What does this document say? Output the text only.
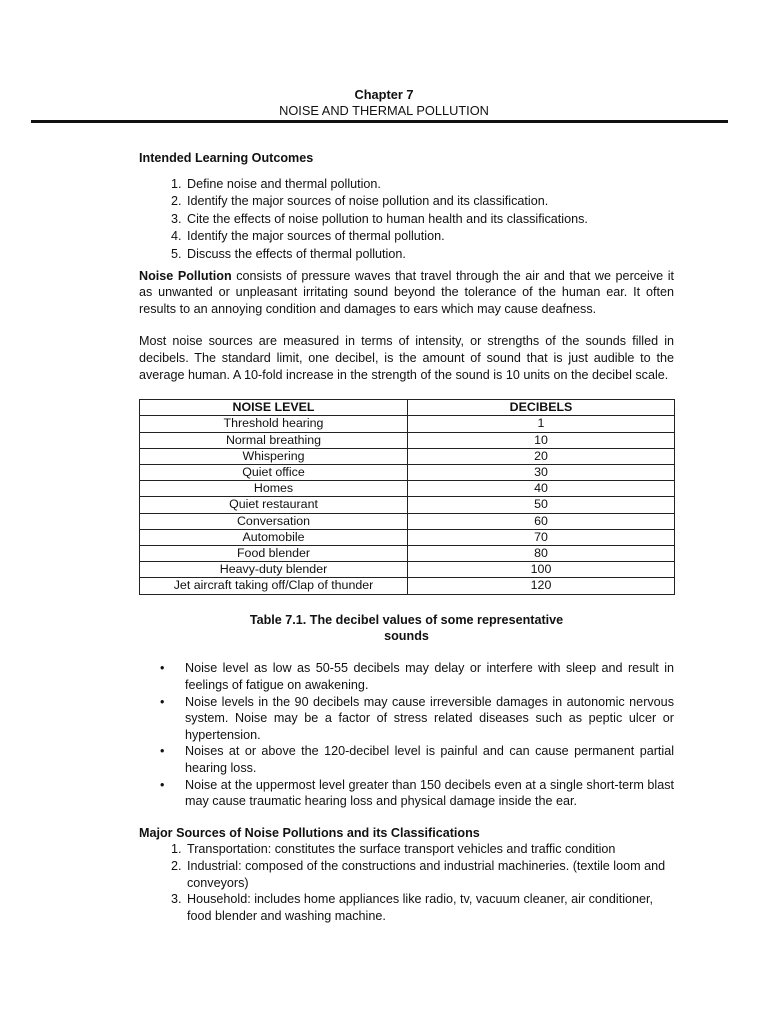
Chapter 7
NOISE AND THERMAL POLLUTION
Intended Learning Outcomes
1. Define noise and thermal pollution.
2. Identify the major sources of noise pollution and its classification.
3. Cite the effects of noise pollution to human health and its classifications.
4. Identify the major sources of thermal pollution.
5. Discuss the effects of thermal pollution.

Noise Pollution consists of pressure waves that travel through the air and that we perceive it as unwanted or unpleasant irritating sound beyond the tolerance of the human ear. It often results to an annoying condition and damages to ears which may cause deafness.

Most noise sources are measured in terms of intensity, or strengths of the sounds filled in decibels. The standard limit, one decibel, is the amount of sound that is just audible to the average human. A 10-fold increase in the strength of the sound is 10 units on the decibel scale.

NOISE LEVEL	DECIBELS
Threshold hearing	1
Normal breathing	10
Whispering	20
Quiet office	30
Homes	40
Quiet restaurant	50
Conversation	60
Automobile	70
Food blender	80
Heavy-duty blender	100
Jet aircraft taking off/Clap of thunder	120
Table 7.1. The decibel values of some representative
sounds
• Noise level as low as 50-55 decibels may delay or interfere with sleep and result in feelings of fatigue on awakening.
• Noise levels in the 90 decibels may cause irreversible damages in autonomic nervous system. Noise may be a factor of stress related diseases such as peptic ulcer or hypertension.
• Noises at or above the 120-decibel level is painful and can cause permanent partial hearing loss.
• Noise at the uppermost level greater than 150 decibels even at a single short-term blast may cause traumatic hearing loss and physical damage inside the ear.
Major Sources of Noise Pollutions and its Classifications
1. Transportation: constitutes the surface transport vehicles and traffic condition
2. Industrial: composed of the constructions and industrial machineries. (textile loom and conveyors)
3. Household: includes home appliances like radio, tv, vacuum cleaner, air conditioner, food blender and washing machine.
